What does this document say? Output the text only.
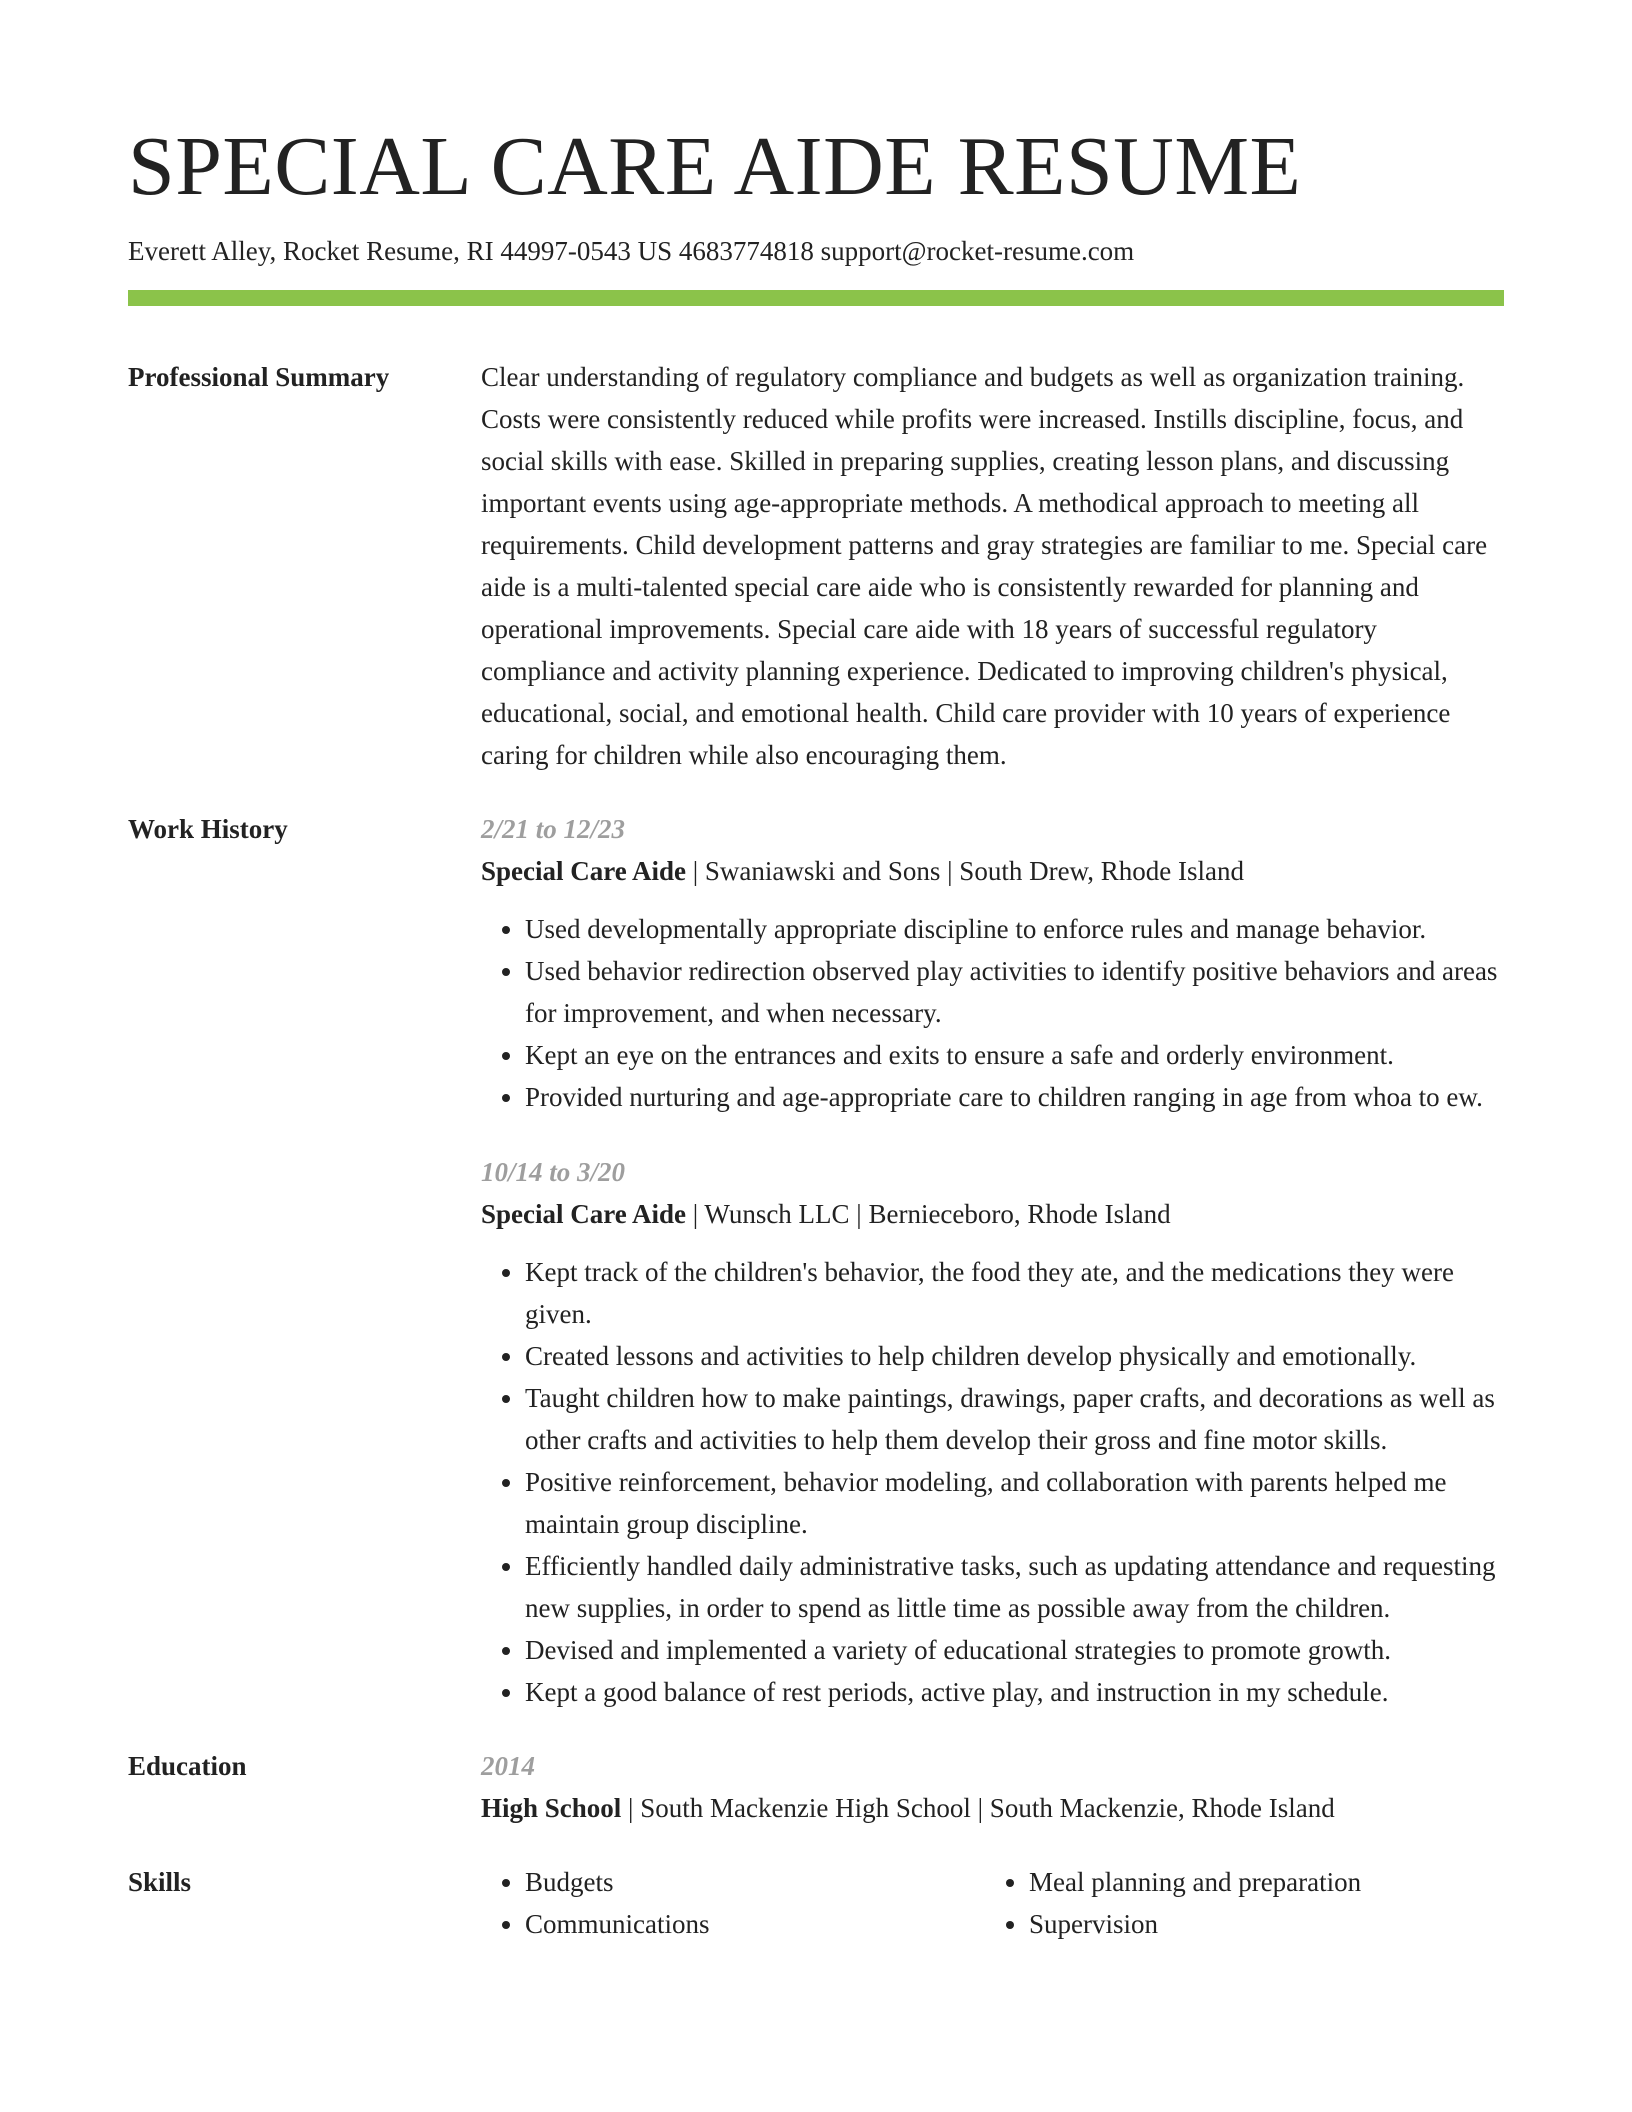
SPECIAL CARE AIDE RESUME
Everett Alley, Rocket Resume, RI 44997-0543 US 4683774818 support@rocket-resume.com
Professional Summary	Clear understanding of regulatory compliance and budgets as well as organization training. Costs were consistently reduced while profits were increased. Instills discipline, focus, and social skills with ease. Skilled in preparing supplies, creating lesson plans, and discussing important events using age-appropriate methods. A methodical approach to meeting all requirements. Child development patterns and gray strategies are familiar to me. Special care aide is a multi-talented special care aide who is consistently rewarded for planning and operational improvements. Special care aide with 18 years of successful regulatory compliance and activity planning experience. Dedicated to improving children's physical, educational, social, and emotional health. Child care provider with 10 years of experience caring for children while also encouraging them.

Work History	2/21 to 12/23
Special Care Aide | Swaniawski and Sons | South Drew, Rhode Island
• Used developmentally appropriate discipline to enforce rules and manage behavior.
• Used behavior redirection observed play activities to identify positive behaviors and areas for improvement, and when necessary.
• Kept an eye on the entrances and exits to ensure a safe and orderly environment.
• Provided nurturing and age-appropriate care to children ranging in age from whoa to ew.
10/14 to 3/20
Special Care Aide | Wunsch LLC | Bernieceboro, Rhode Island
• Kept track of the children's behavior, the food they ate, and the medications they were given.
• Created lessons and activities to help children develop physically and emotionally.
• Taught children how to make paintings, drawings, paper crafts, and decorations as well as other crafts and activities to help them develop their gross and fine motor skills.
• Positive reinforcement, behavior modeling, and collaboration with parents helped me maintain group discipline.
• Efficiently handled daily administrative tasks, such as updating attendance and requesting new supplies, in order to spend as little time as possible away from the children.
• Devised and implemented a variety of educational strategies to promote growth.
• Kept a good balance of rest periods, active play, and instruction in my schedule.
Education	2014
High School | South Mackenzie High School | South Mackenzie, Rhode Island
Skills
•	Budgets
• Communications
• Meal planning and preparation
• Supervision
